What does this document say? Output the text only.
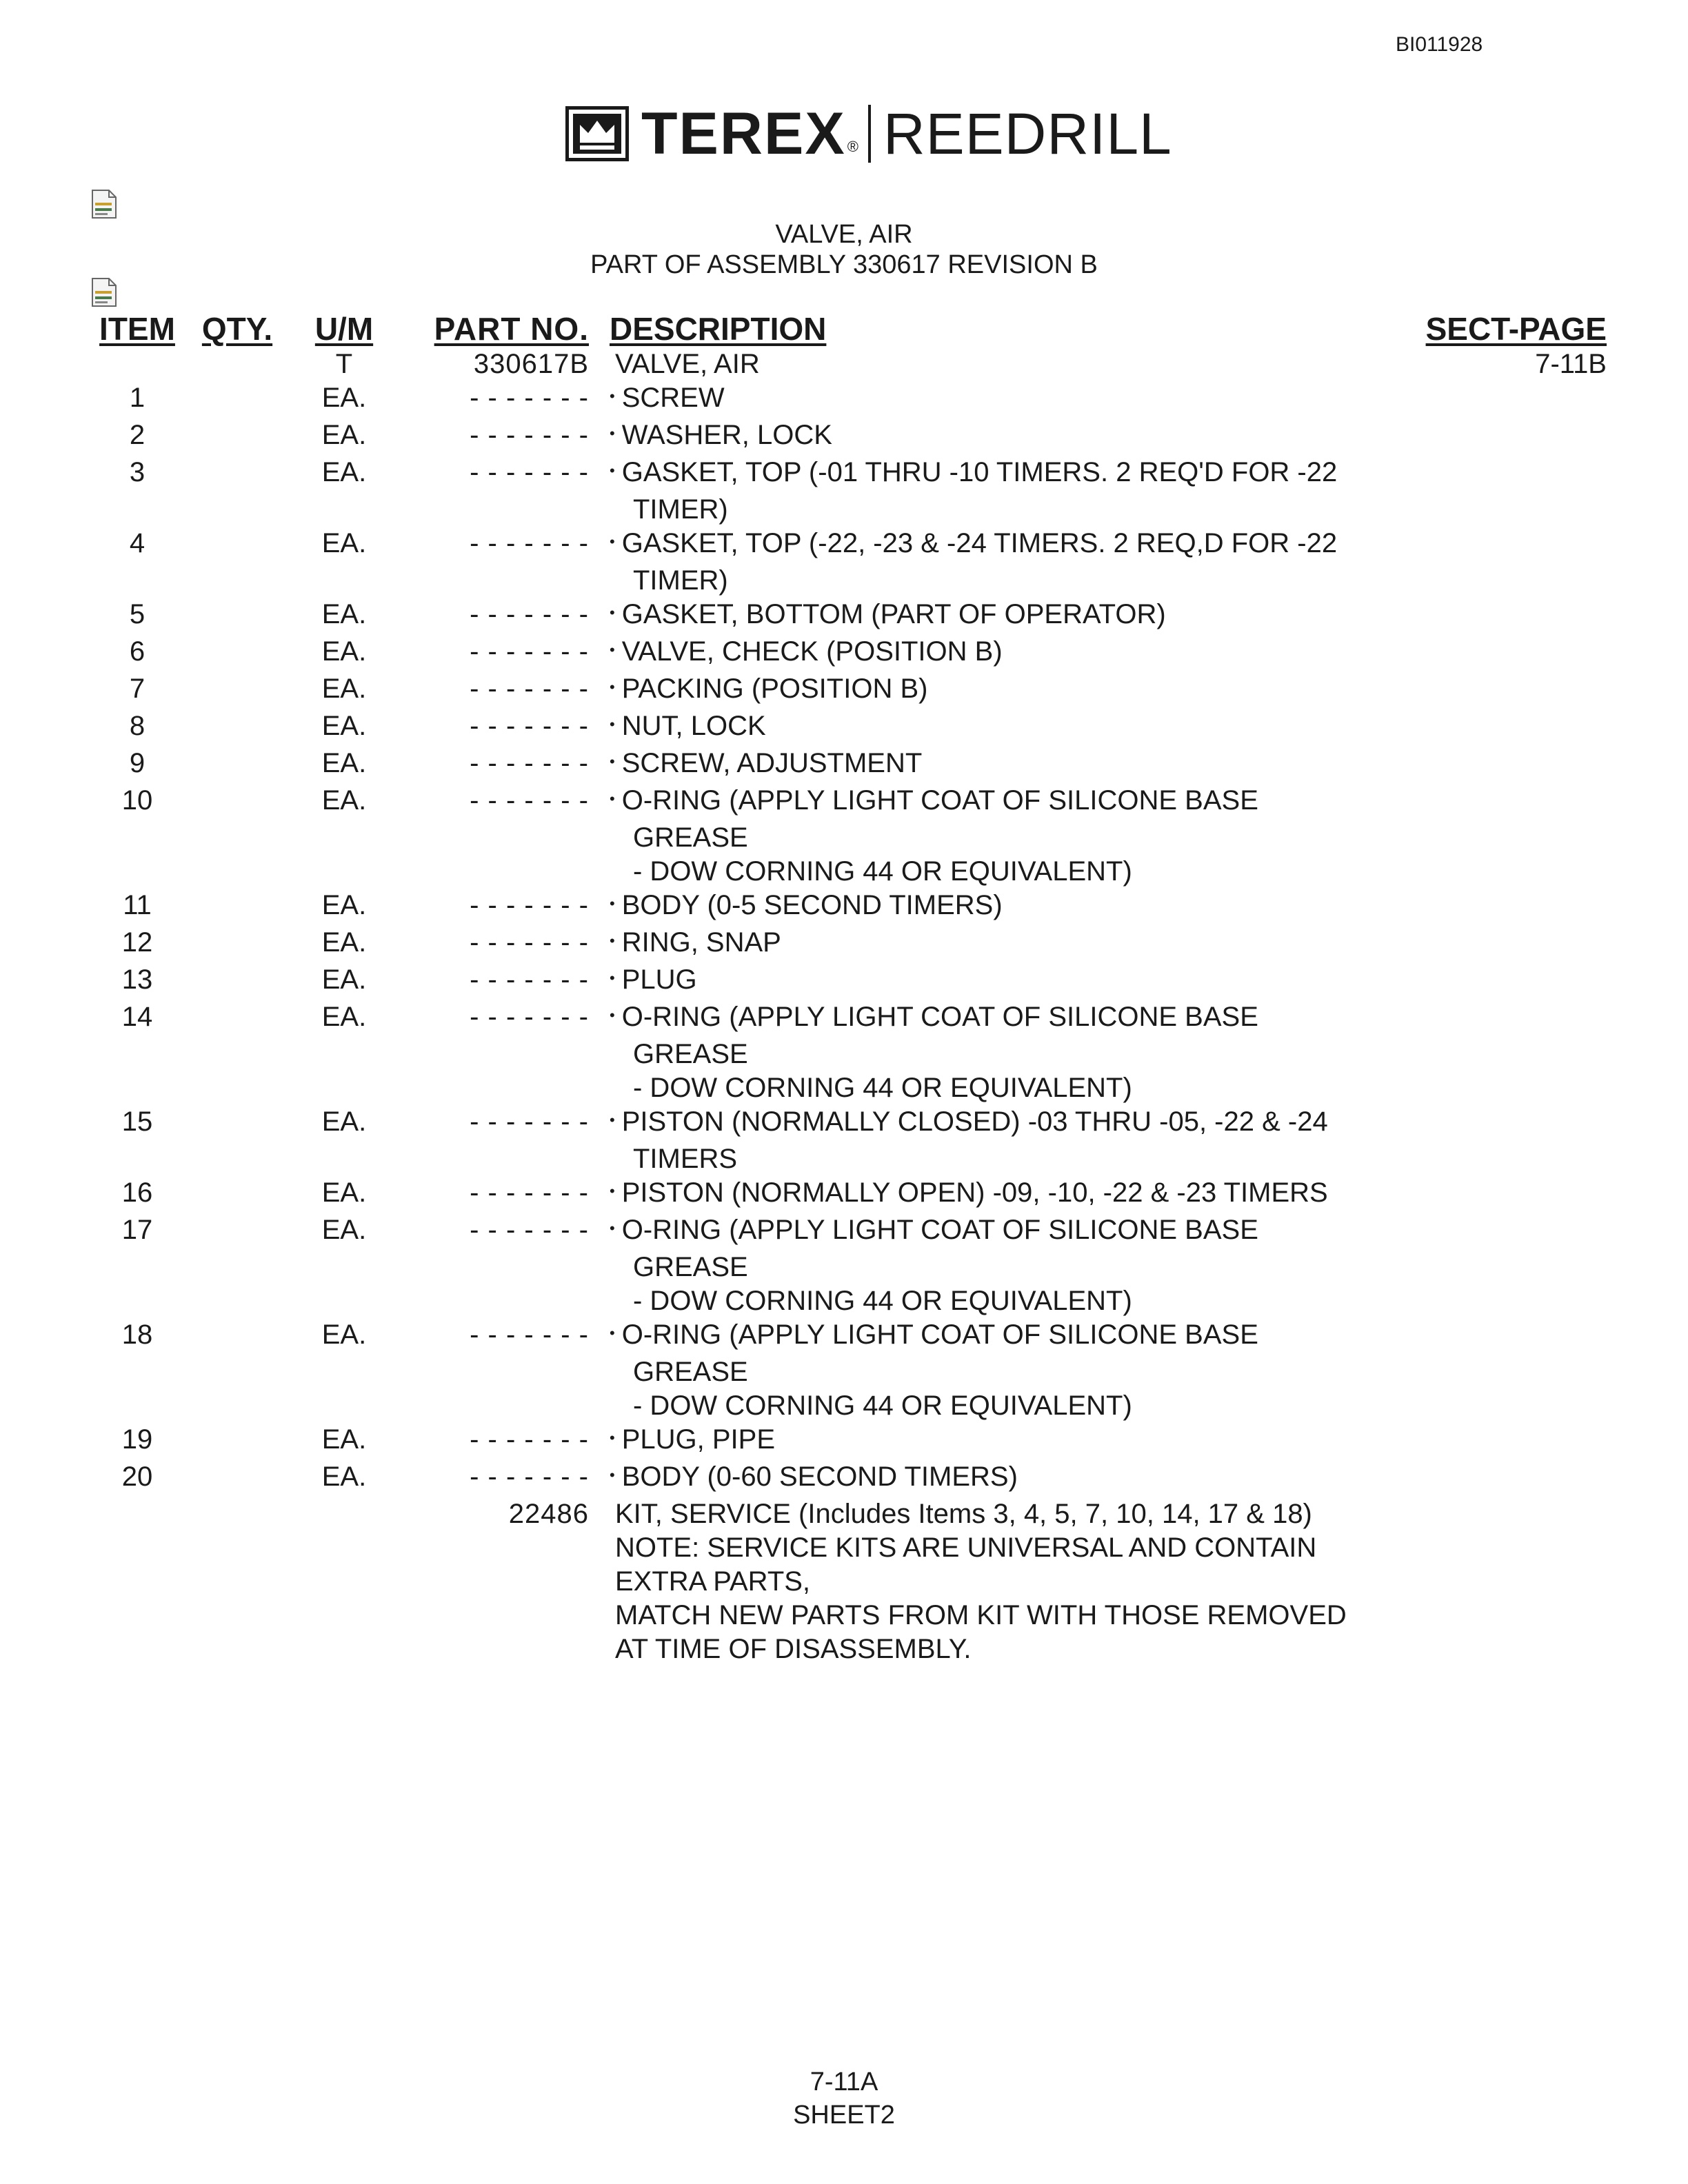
BI011928
TEREX ® REEDRILL
VALVE, AIR
PART OF ASSEMBLY 330617 REVISION B
ITEM QTY.	U/M	PART NO. DESCRIPTION	SECT-PAGE
T	330617B VALVE, AIR	7-11B
1	EA.	- - - - - - -	• SCREW
2	EA.	- - - - - - -	• WASHER, LOCK
3	EA.	- - - - - - -	• GASKET, TOP (-01 THRU -10 TIMERS. 2 REQ'D FOR -22
TIMER)
4	EA.	- - - - - - -	• GASKET, TOP (-22, -23 & -24 TIMERS. 2 REQ,D FOR -22
TIMER)
5	EA.	- - - - - - -	• GASKET, BOTTOM (PART OF OPERATOR)
6	EA.	- - - - - - -	• VALVE, CHECK (POSITION B)
7	EA.	- - - - - - -	• PACKING (POSITION B)
8	EA.	- - - - - - -	• NUT, LOCK
9	EA.	- - - - - - -	• SCREW, ADJUSTMENT
10	EA.	- - - - - - -	• O-RING (APPLY LIGHT COAT OF SILICONE BASE
GREASE
- DOW CORNING 44 OR EQUIVALENT)
11	EA.	- - - - - - -	• BODY (0-5 SECOND TIMERS)
12	EA.	- - - - - - -	• RING, SNAP
13	EA.	- - - - - - -	• PLUG
14	EA.	- - - - - - -	• O-RING (APPLY LIGHT COAT OF SILICONE BASE
GREASE
- DOW CORNING 44 OR EQUIVALENT)
15	EA.	- - - - - - -	• PISTON (NORMALLY CLOSED) -03 THRU -05, -22 & -24
TIMERS
16	EA.	- - - - - - -	• PISTON (NORMALLY OPEN) -09, -10, -22 & -23 TIMERS
17	EA.	- - - - - - -	• O-RING (APPLY LIGHT COAT OF SILICONE BASE
GREASE
- DOW CORNING 44 OR EQUIVALENT)
18	EA.	- - - - - - -	• O-RING (APPLY LIGHT COAT OF SILICONE BASE
GREASE
- DOW CORNING 44 OR EQUIVALENT)
19	EA.	- - - - - - -	• PLUG, PIPE
20	EA.	- - - - - - -	• BODY (0-60 SECOND TIMERS)
22486 KIT, SERVICE (Includes Items 3, 4, 5, 7, 10, 14, 17 & 18)
NOTE: SERVICE KITS ARE UNIVERSAL AND CONTAIN
EXTRA PARTS,
MATCH NEW PARTS FROM KIT WITH THOSE REMOVED
AT TIME OF DISASSEMBLY.
7-11A
SHEET2
